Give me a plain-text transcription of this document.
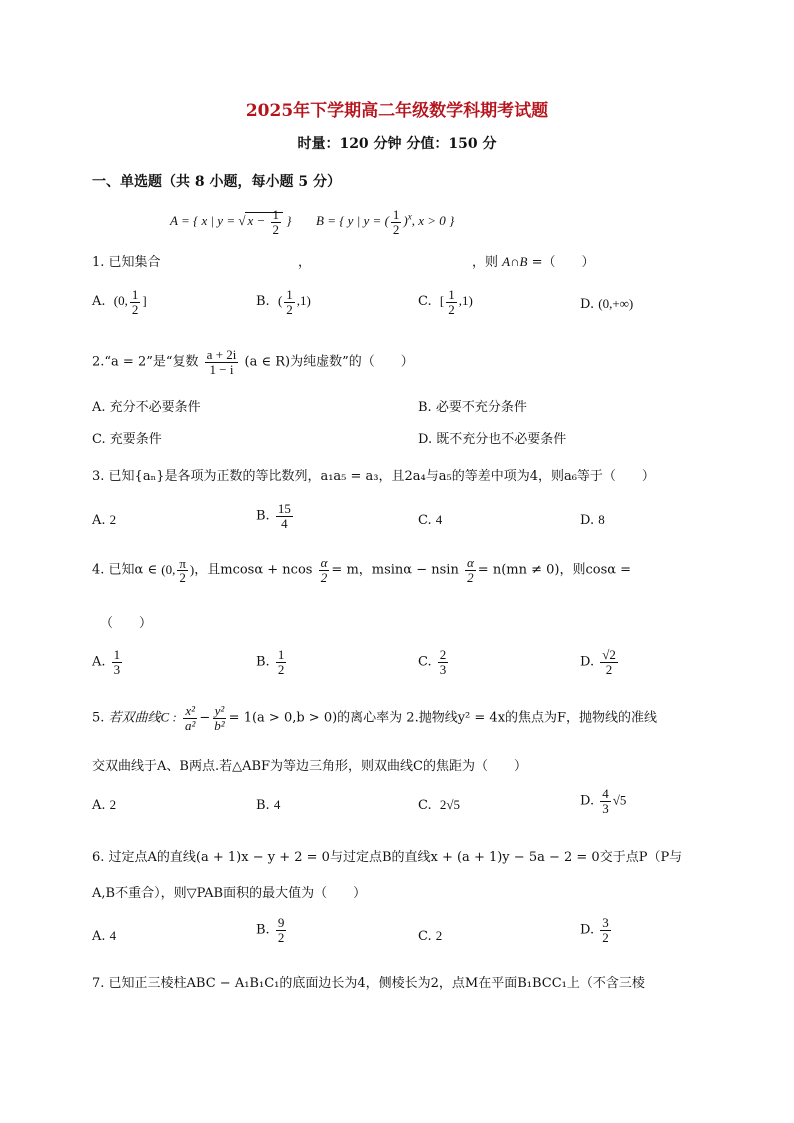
2025年下学期高二年级数学科期考试题
时量：120 分钟 分值：150 分
一、单选题（共 8 小题，每小题 5 分）
A = { x | y = √ $x - \frac{1}{2}$ } B = { y | y = ( $\frac{1}{2} )^x$, x > 0 }
1. 已知集合	，	，则 A∩B =（　　）
A. (0, $\frac{1}{2}$ ]	B. ( $\frac{1}{2} ,1$)	C. [ $\frac{1}{2} ,1$)	D. (0,+∞)
2.“a = 2”是“复数 $\frac{a + 2i}{1 - i} (a$ ∈ R)为纯虚数”的（　　）
A. 充分不必要条件	B. 必要不充分条件
C. 充要条件	D. 既不充分也不必要条件
3. 已知{aₙ}是各项为正数的等比数列，a₁a₅ = a₃，且2a₄与a₅的等差中项为4，则a₆等于（　　）
A. 2	B. $\frac{15}{4}$	C. 4	D. 8
4. 已知α ∈ (0, $\frac{\pi}{2}$ )，且mcosα + ncos $\frac{\alpha}{2} = m$，msinα − nsin $\frac{\alpha}{2} = n(mn \ne 0)$，则cosα =
（　　）
A. $\frac{1}{3}$	B. $\frac{1}{2}$	C. $\frac{2}{3}$	D. $\frac{√2}{2}$
5. 若双曲线C : $\frac{\text{x²}}{\text{a²}} - \frac{\text{y²}}{\text{b²}} = 1(a > 0,b > 0)$的离心率为 2.抛物线y² = 4x的焦点为F，抛物线的准线
交双曲线于A、B两点.若△ABF为等边三角形，则双曲线C的焦距为（　　）
A. 2	B. 4	C. 2√5	D. $\frac{4}{3} √5$
6. 过定点A的直线(a + 1)x − y + 2 = 0与过定点B的直线x + (a + 1)y − 5a − 2 = 0交于点P（P与
A,B不重合），则▽PAB面积的最大值为（　　）
A. 4	B. $\frac{9}{2}$	C. 2	D. $\frac{3}{2}$
7. 已知正三棱柱ABC − A₁B₁C₁的底面边长为4，侧棱长为2，点M在平面B₁BCC₁上（不含三棱
